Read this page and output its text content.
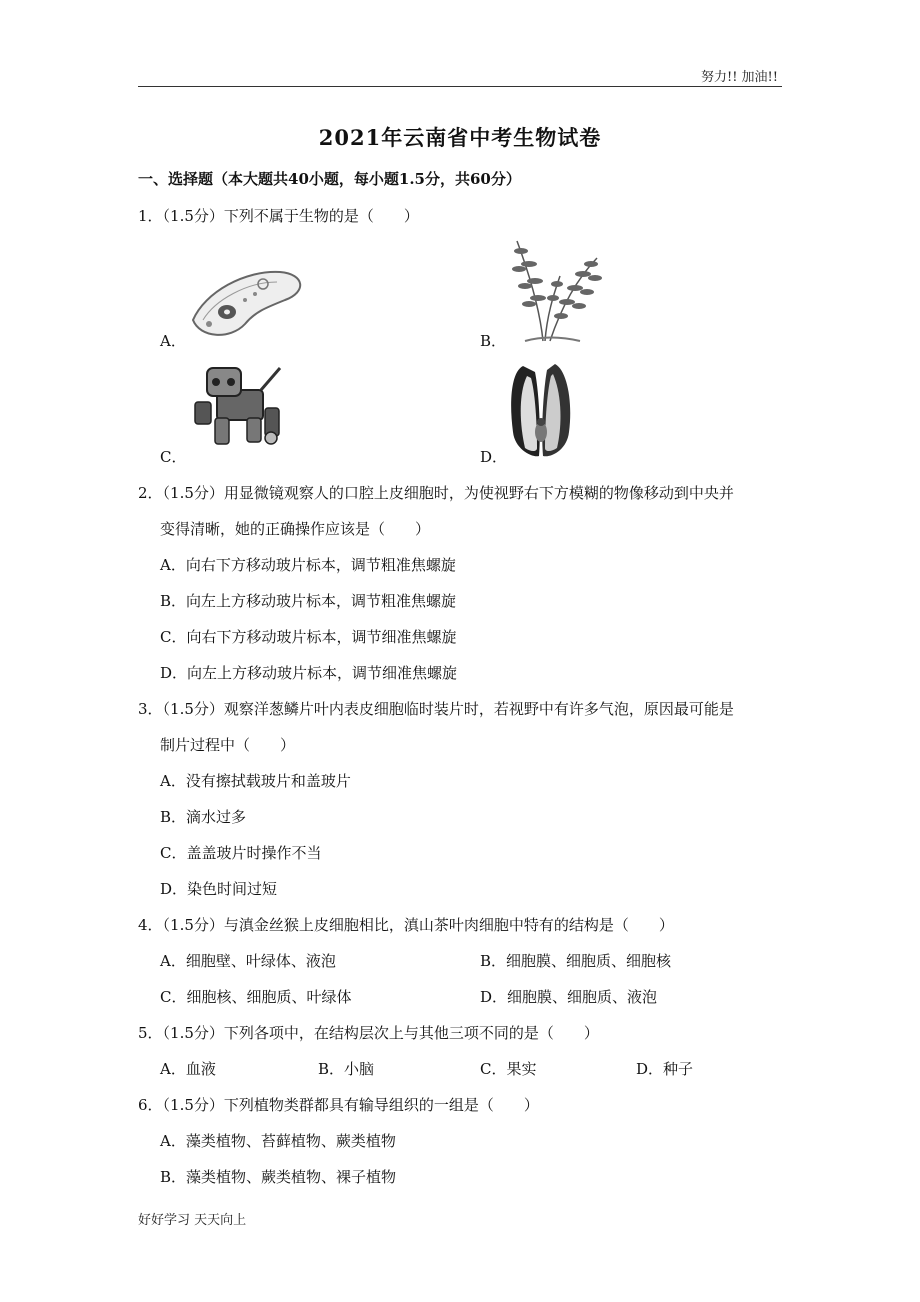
努力!! 加油!!
2021年云南省中考生物试卷
一、选择题（本大题共40小题，每小题1.5分，共60分）
1．（1.5分）下列不属于生物的是（　　）
A．	B．
C．	D．
2．（1.5分）用显微镜观察人的口腔上皮细胞时，为使视野右下方模糊的物像移动到中央并
变得清晰，她的正确操作应该是（　　）
A．向右下方移动玻片标本，调节粗准焦螺旋
B．向左上方移动玻片标本，调节粗准焦螺旋
C．向右下方移动玻片标本，调节细准焦螺旋
D．向左上方移动玻片标本，调节细准焦螺旋
3．（1.5分）观察洋葱鳞片叶内表皮细胞临时装片时，若视野中有许多气泡，原因最可能是
制片过程中（　　）
A．没有擦拭载玻片和盖玻片
B．滴水过多
C．盖盖玻片时操作不当
D．染色时间过短
4．（1.5分）与滇金丝猴上皮细胞相比，滇山茶叶肉细胞中特有的结构是（　　）
A．细胞壁、叶绿体、液泡	B．细胞膜、细胞质、细胞核
C．细胞核、细胞质、叶绿体	D．细胞膜、细胞质、液泡
5．（1.5分）下列各项中，在结构层次上与其他三项不同的是（　　）
A．血液	B．小脑	C．果实	D．种子
6．（1.5分）下列植物类群都具有输导组织的一组是（　　）
A．藻类植物、苔藓植物、蕨类植物
B．藻类植物、蕨类植物、裸子植物
好好学习 天天向上
